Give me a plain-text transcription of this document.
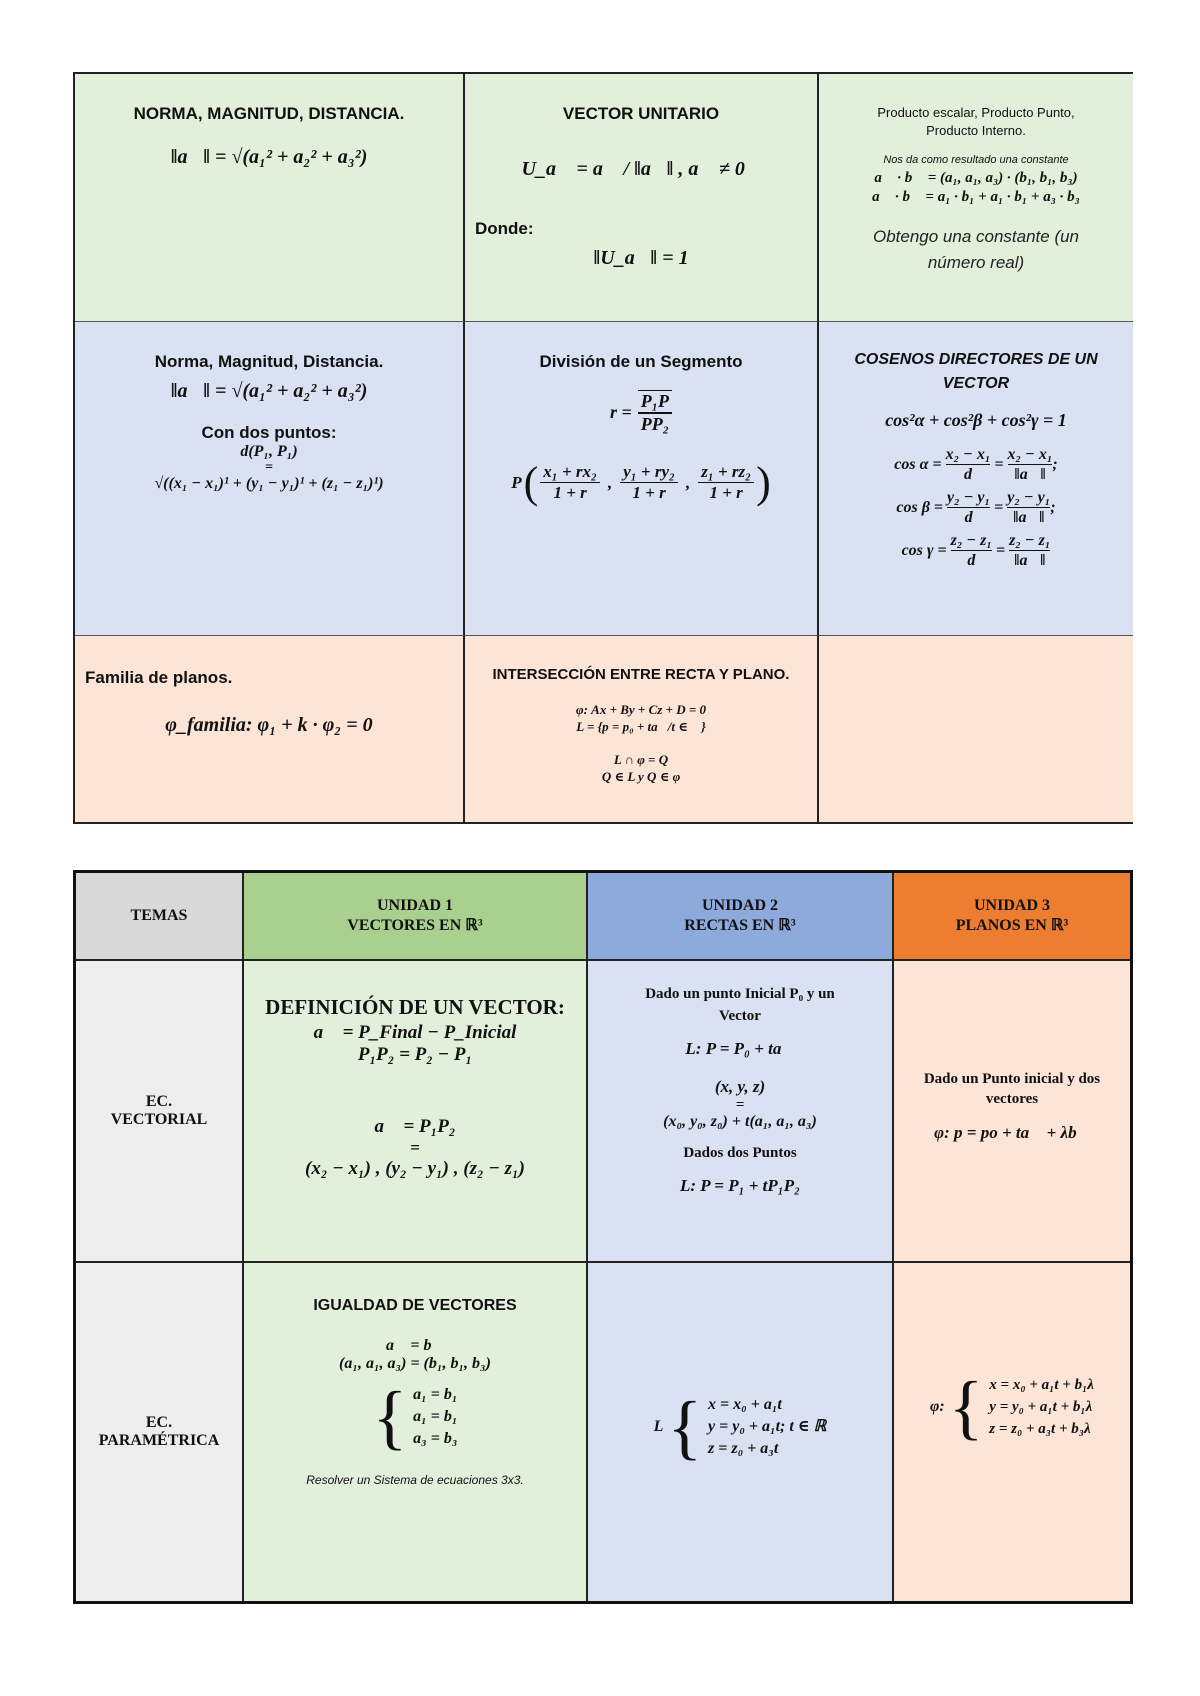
NORMA, MAGNITUD, DISTANCIA.
‖a⃗‖ = √(a₁² + a₂² + a₃²)
VECTOR UNITARIO
U_a⃗ = a⃗ / ‖a⃗‖ , a⃗ ≠ 0⃗
Donde:
‖U_a⃗‖ = 1
Producto escalar, Producto Punto,
Producto Interno.
Nos da como resultado una constante
a⃗ · b⃗ = (a₁, a₁, a₃) · (b₁, b₁, b₃)
a⃗ · b⃗ = a₁ · b₁ + a₁ · b₁ + a₃ · b₃
Obtengo una constante (un
número real)
Norma, Magnitud, Distancia.
‖a⃗‖ = √(a₁² + a₂² + a₃²)
Con dos puntos:
d(P₁, P₁)
=
√((x₁ − x₁)¹ + (y₁ − y₁)¹ + (z₁ − z₁)¹)
División de un Segmento
$r = \frac{\text{P₁P}}{\text{PP₂}}$
P ( $\frac{\text{x₁ + rx₂}}{1 + r}$ , $\frac{\text{y₁ + ry₂}}{1 + r}$ , $\frac{\text{z₁ + rz₂}}{1 + r}$ )
COSENOS DIRECTORES DE UN
VECTOR
cos²α + cos²β + cos²γ = 1
$\cos \alpha = \frac{\text{x₂ − x₁}}{d} = \frac{\text{x₂ − x₁}}{‖a⃗‖}$ ;
$\cos \beta = \frac{\text{y₂ − y₁}}{d} = \frac{\text{y₂ − y₁}}{‖a⃗‖}$ ;
$\cos \gamma = \frac{\text{z₂ − z₁}}{d} = \frac{\text{z₂ − z₁}}{‖a⃗‖}$
Familia de planos.
φ_familia: φ₁ + k · φ₂ = 0
INTERSECCIÓN ENTRE RECTA Y PLANO.
φ: Ax + By + Cz + D = 0
L = {p = p₀ + ta⃗/t ∈ ℝ}
L ∩ φ = Q
Q ∈ L y Q ∈ φ
TEMAS
UNIDAD 1
VECTORES EN ℝ³
UNIDAD 2
RECTAS EN ℝ³
UNIDAD 3
PLANOS EN ℝ³
EC.
VECTORIAL
DEFINICIÓN DE UN VECTOR:
a⃗ = P_Final − P_Inicial
P₁P₂ = P₂ − P₁
a⃗ = P₁P₂
=
(x₂ − x₁) , (y₂ − y₁) , (z₂ − z₁)
Dado un punto Inicial P₀ y un
Vector
L: P = P₀ + ta⃗
(x, y, z)
=
(x₀, y₀, z₀) + t(a₁, a₁, a₃)
Dados dos Puntos
L: P = P₁ + tP₁P₂
Dado un Punto inicial y dos
vectores
φ: p = po + ta⃗ + λb⃗
EC.
PARAMÉTRICA
IGUALDAD DE VECTORES
a⃗ = b⃗
(a₁, a₁, a₃) = (b₁, b₁, b₃)
{ a₁ = b₁
a₁ = b₁
a₃ = b₃
Resolver un Sistema de ecuaciones 3x3.
L { x = x₀ + a₁t
y = y₀ + a₁t; t ∈ ℝ
z = z₀ + a₃t
φ: { x = x₀ + a₁t + b₁λ
y = y₀ + a₁t + b₁λ
z = z₀ + a₃t + b₃λ
